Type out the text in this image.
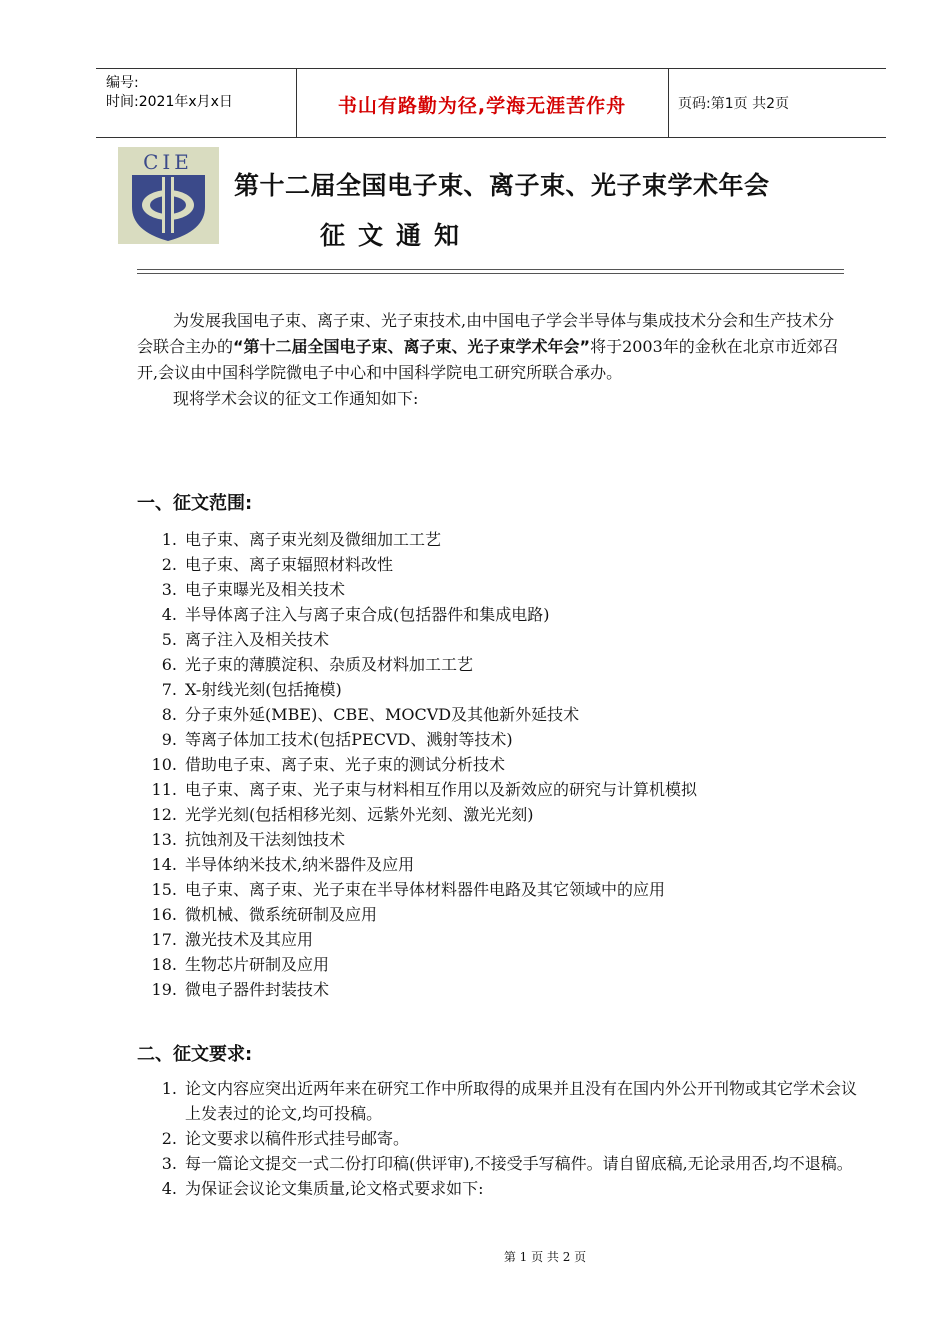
编号:
时间:2021年x月x日	书山有路勤为径,学海无涯苦作舟	页码:第1页 共2页
CIE
第十二届全国电子束、离子束、光子束学术年会
征文通知

为发展我国电子束、离子束、光子束技术,由中国电子学会半导体与集成技术分会和生产技术分会联合主办的“第十二届全国电子束、离子束、光子束学术年会”将于2003年的金秋在北京市近郊召开,会议由中国科学院微电子中心和中国科学院电工研究所联合承办。

现将学术会议的征文工作通知如下:

一、征文范围:
1. 电子束、离子束光刻及微细加工工艺
2. 电子束、离子束辐照材料改性
3. 电子束曝光及相关技术
4. 半导体离子注入与离子束合成(包括器件和集成电路)
5. 离子注入及相关技术
6. 光子束的薄膜淀积、杂质及材料加工工艺
7. X-射线光刻(包括掩模)
8. 分子束外延(MBE)、CBE、MOCVD及其他新外延技术
9. 等离子体加工技术(包括PECVD、溅射等技术)
10. 借助电子束、离子束、光子束的测试分析技术
11. 电子束、离子束、光子束与材料相互作用以及新效应的研究与计算机模拟
12. 光学光刻(包括相移光刻、远紫外光刻、激光光刻)
13. 抗蚀剂及干法刻蚀技术
14. 半导体纳米技术,纳米器件及应用
15. 电子束、离子束、光子束在半导体材料器件电路及其它领域中的应用
16. 微机械、微系统研制及应用
17. 激光技术及其应用
18. 生物芯片研制及应用
19. 微电子器件封装技术
二、征文要求:
1. 论文内容应突出近两年来在研究工作中所取得的成果并且没有在国内外公开刊物或其它学术会议上发表过的论文,均可投稿。
2. 论文要求以稿件形式挂号邮寄。
3. 每一篇论文提交一式二份打印稿(供评审),不接受手写稿件。请自留底稿,无论录用否,均不退稿。
4. 为保证会议论文集质量,论文格式要求如下:
第 1 页 共 2 页
